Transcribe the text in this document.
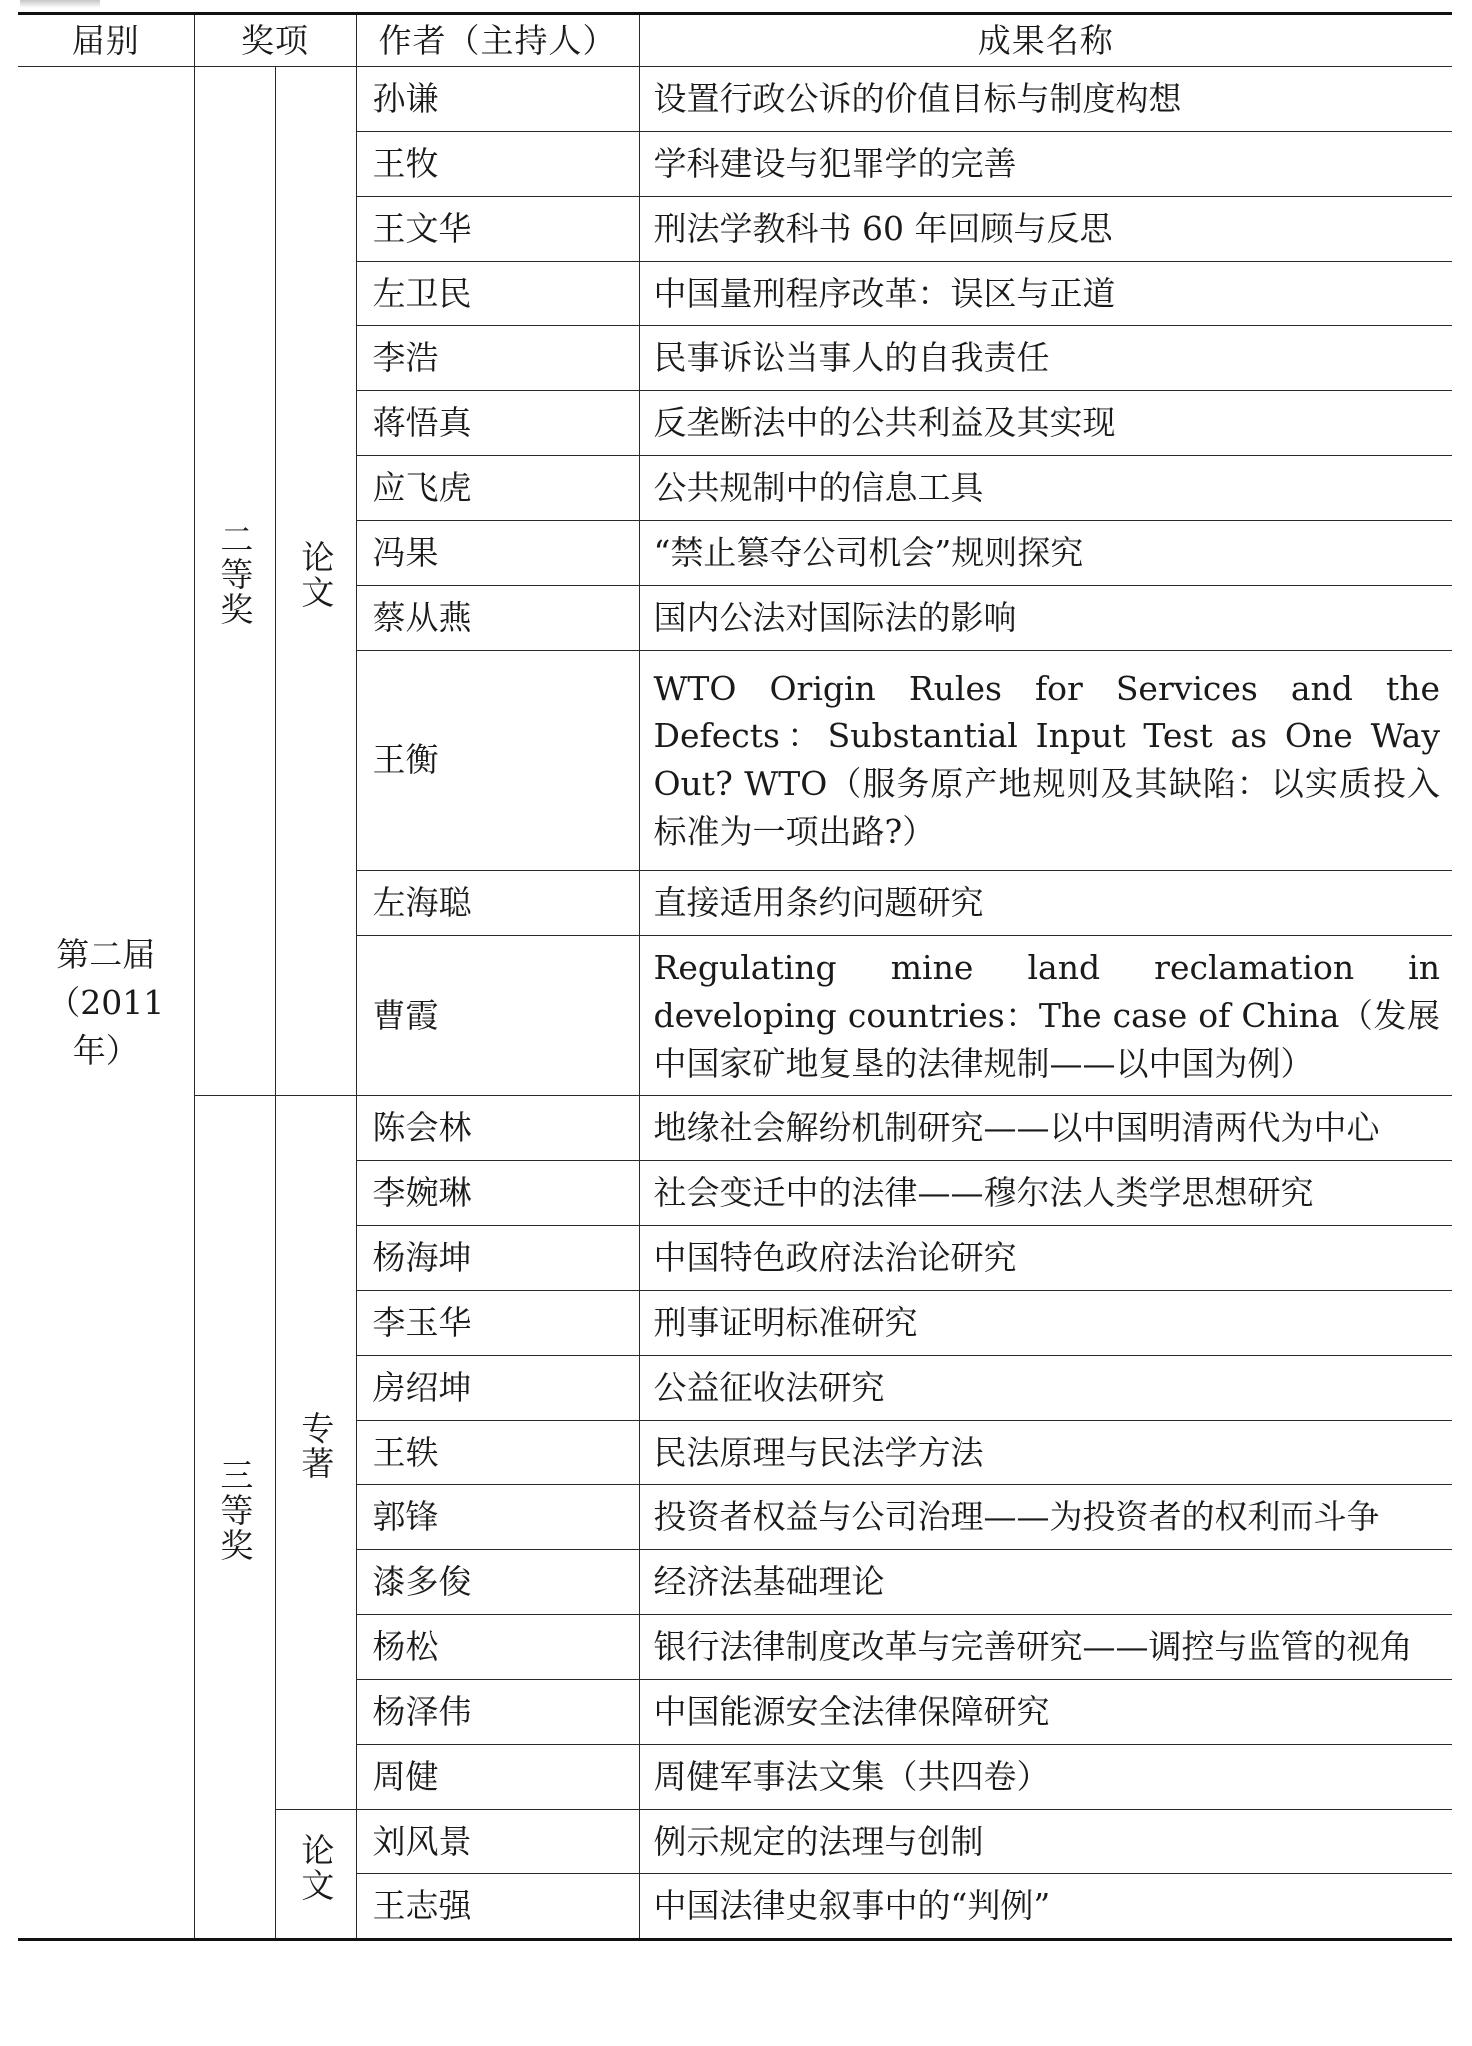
届别	奖项		作者（主持人）	成果名称

第二届
（2011 年）	二等奖	论文	孙谦	设置行政公诉的价值目标与制度构想
			王牧	学科建设与犯罪学的完善
			王文华	刑法学教科书 60 年回顾与反思
			左卫民	中国量刑程序改革：误区与正道
			李浩	民事诉讼当事人的自我责任
			蒋悟真	反垄断法中的公共利益及其实现
			应飞虎	公共规制中的信息工具
			冯果	“禁止篡夺公司机会”规则探究
			蔡从燕	国内公法对国际法的影响
			王衡	WTO Origin Rules for Services and the Defects：Substantial Input Test as One Way Out? WTO（服务原产地规则及其缺陷：以实质投入标准为一项出路?）
			左海聪	直接适用条约问题研究
			曹霞	Regulating mine land reclamation in developing countries：The case of China（发展中国家矿地复垦的法律规制——以中国为例）
	三等奖	专著	陈会林	地缘社会解纷机制研究——以中国明清两代为中心
			李婉琳	社会变迁中的法律——穆尔法人类学思想研究
			杨海坤	中国特色政府法治论研究
			李玉华	刑事证明标准研究
			房绍坤	公益征收法研究
			王轶	民法原理与民法学方法
			郭锋	投资者权益与公司治理——为投资者的权利而斗争
			漆多俊	经济法基础理论
			杨松	银行法律制度改革与完善研究——调控与监管的视角
			杨泽伟	中国能源安全法律保障研究
			周健	周健军事法文集（共四卷）
		论文	刘风景	例示规定的法理与创制
			王志强	中国法律史叙事中的“判例”
